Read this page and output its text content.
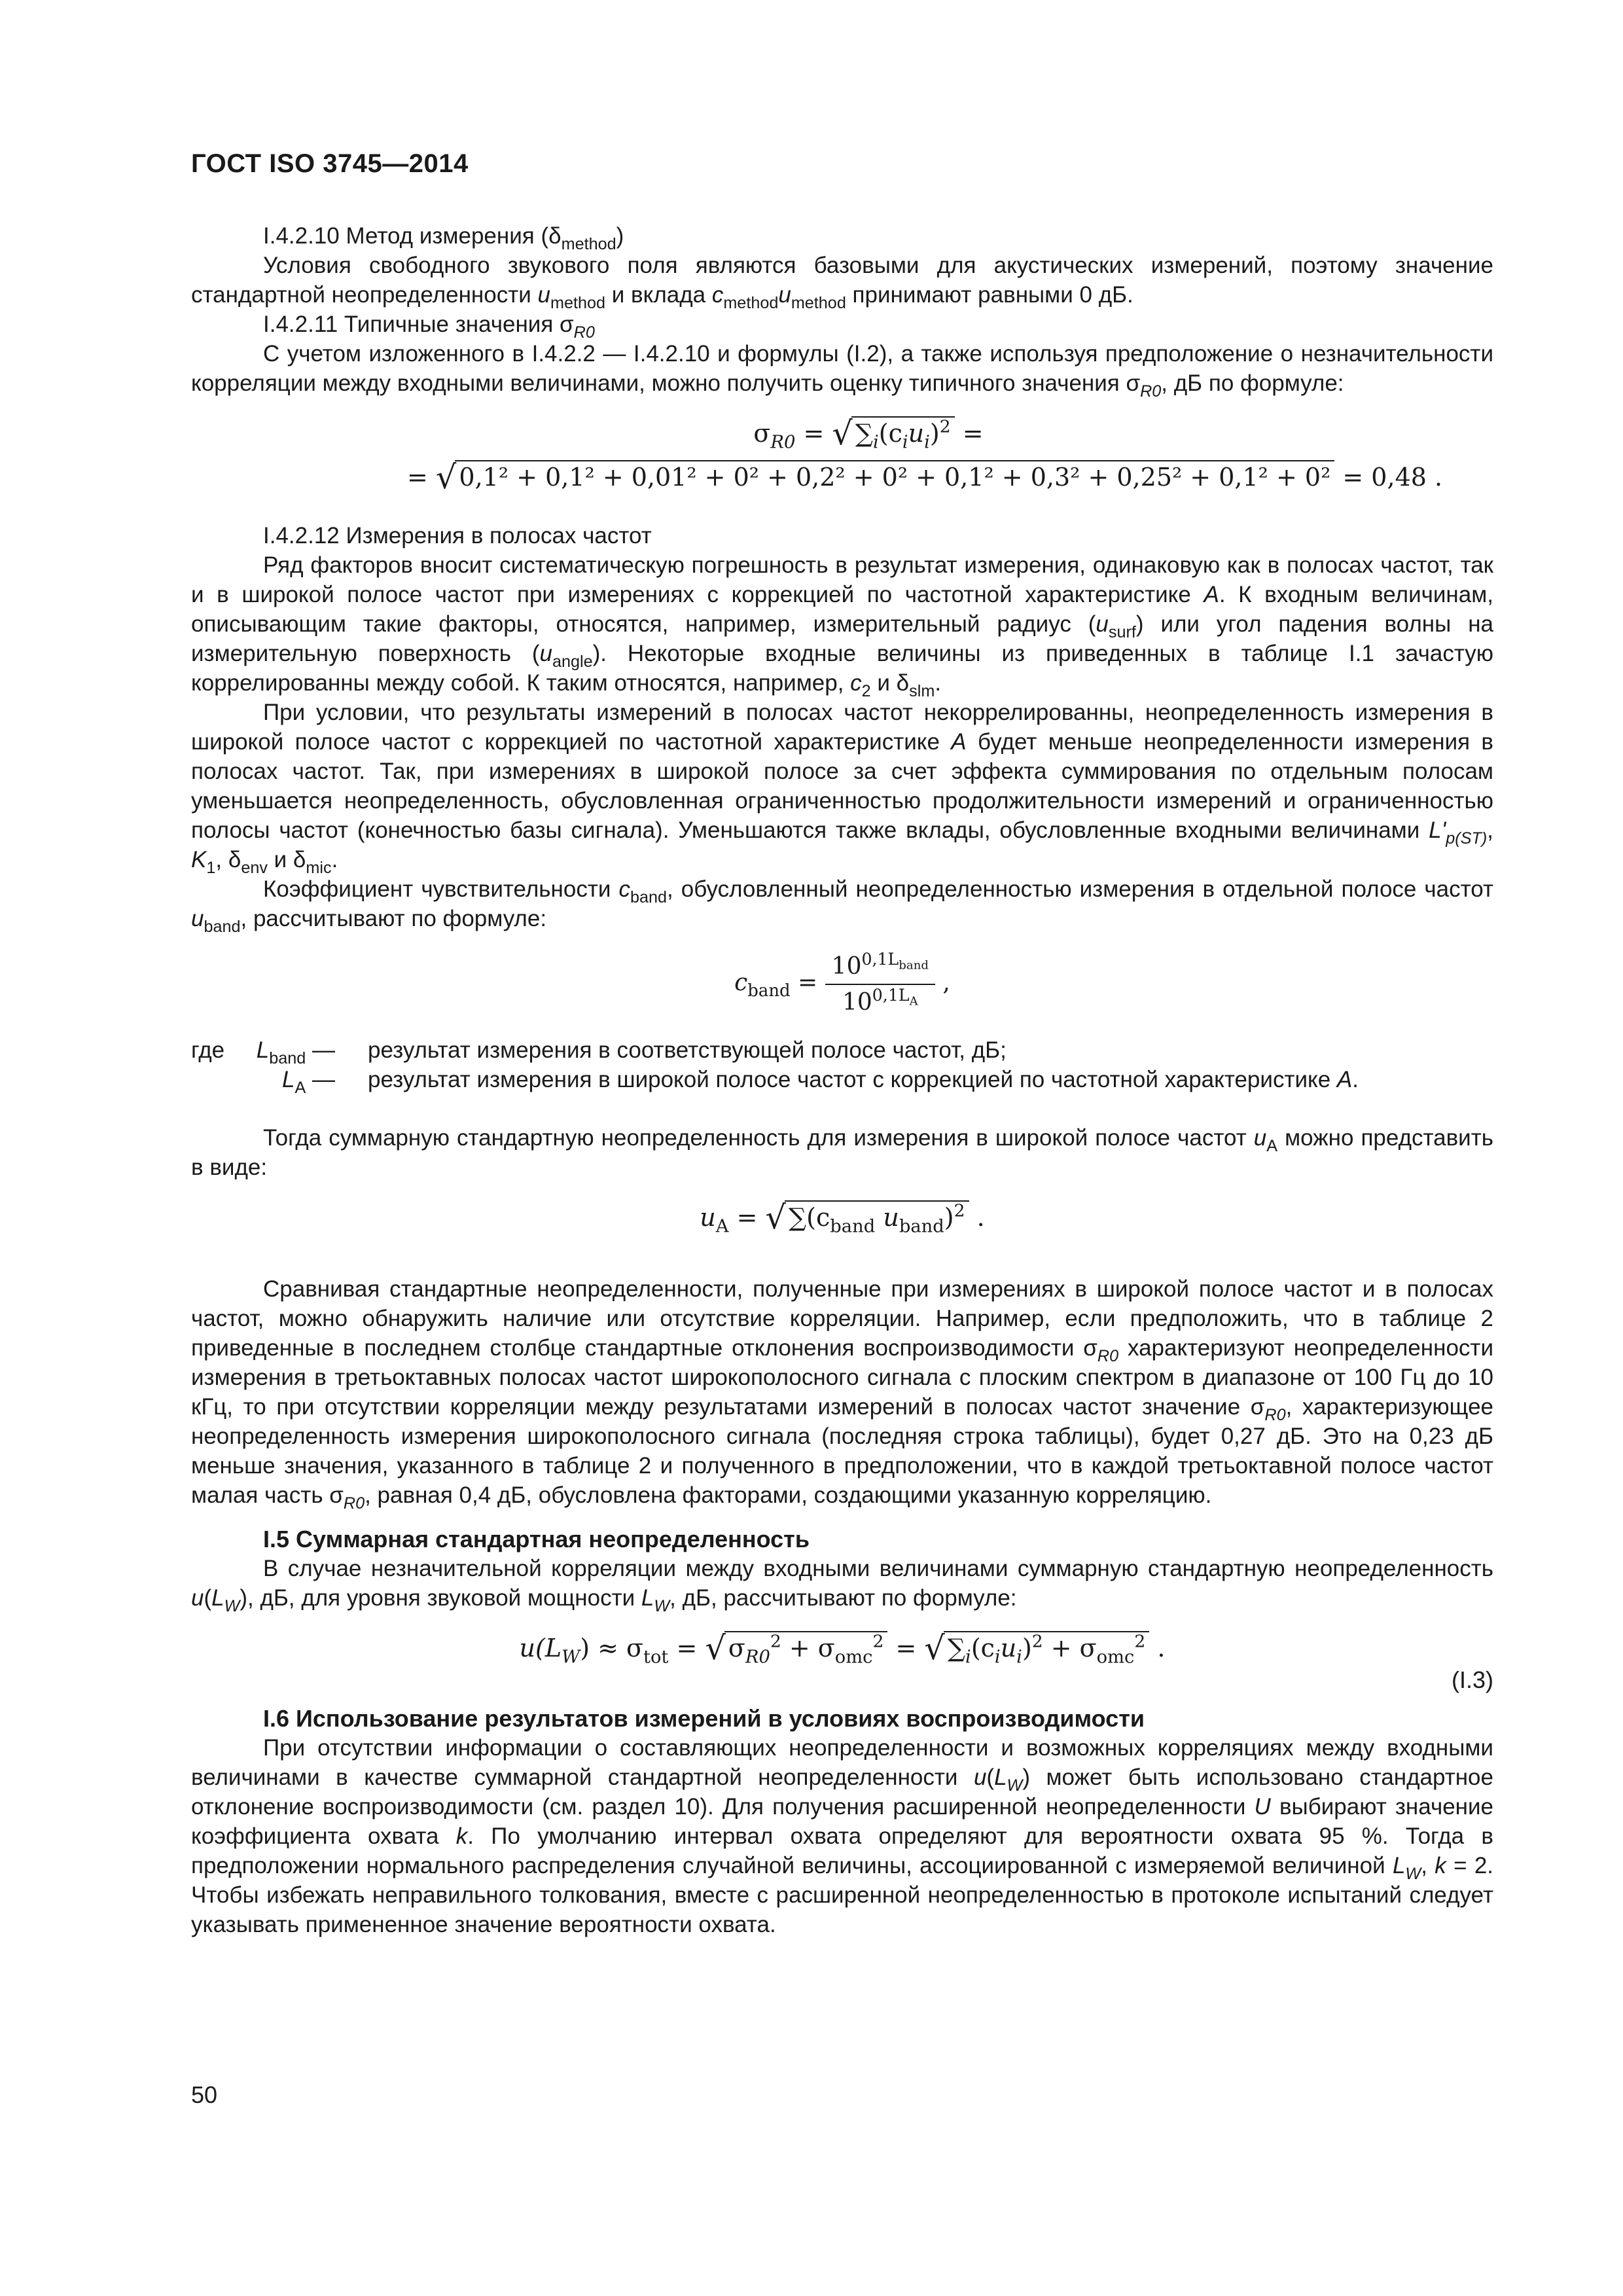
ГОСТ ISO 3745—2014

I.4.2.10 Метод измерения $(\delta_{method})$

Условия свободного звукового поля являются базовыми для акустических измерений, поэтому значение стандартной неопределенности $u_{method}$ и вклада $c_{method}u_{method}$ принимают равными 0 дБ.

I.4.2.11 Типичные значения $\sigma_{R0}$

С учетом изложенного в I.4.2.2 — I.4.2.10 и формулы (I.2), а также используя предположение о незначительности корреляции между входными величинами, можно получить оценку типичного значения $\sigma_{R0}$, дБ по формуле:

$\sigma_{R0}$ = √ $\sum_i(c_iu_i)^2$ =
= √ 0,1² + 0,1² + 0,01² + 0² + 0,2² + 0² + 0,1² + 0,3² + 0,25² + 0,1² + 0² = 0,48 .

I.4.2.12 Измерения в полосах частот

Ряд факторов вносит систематическую погрешность в результат измерения, одинаковую как в полосах частот, так и в широкой полосе частот при измерениях с коррекцией по частотной характеристике A. К входным величинам, описывающим такие факторы, относятся, например, измерительный радиус $(u_{surf})$ или угол падения волны на измерительную поверхность $(u_{angle})$. Некоторые входные величины из приведенных в таблице I.1 зачастую коррелированны между собой. К таким относятся, например, $c_2$ и $\delta_{slm}$.

При условии, что результаты измерений в полосах частот некоррелированны, неопределенность измерения в широкой полосе частот с коррекцией по частотной характеристике A будет меньше неопределенности измерения в полосах частот. Так, при измерениях в широкой полосе за счет эффекта суммирования по отдельным полосам уменьшается неопределенность, обусловленная ограниченностью продолжительности измерений и ограниченностью полосы частот (конечностью базы сигнала). Уменьшаются также вклады, обусловленные входными величинами $L'_{p(ST)}$, $K_1$, $\delta_{env}$ и $\delta_{mic}$.

Коэффициент чувствительности $c_{band}$, обусловленный неопределенностью измерения в отдельной полосе частот $u_{band}$, рассчитывают по формуле:

$c_{band} = \frac{10^{0,1L_{band}}}{10^{0,1L_A}}$ ,
где	$L_{band}$ —	результат измерения в соответствующей полосе частот, дБ;
$L_A$ —	результат измерения в широкой полосе частот с коррекцией по частотной характеристике A.

Тогда суммарную стандартную неопределенность для измерения в широкой полосе частот $u_A$ можно представить в виде:

$u_A$ = √ $\sum(c_{band}$ $u_{band})^2$ .

Сравнивая стандартные неопределенности, полученные при измерениях в широкой полосе частот и в полосах частот, можно обнаружить наличие или отсутствие корреляции. Например, если предположить, что в таблице 2 приведенные в последнем столбце стандартные отклонения воспроизводимости $\sigma_{R0}$ характеризуют неопределенности измерения в третьоктавных полосах частот широкополосного сигнала с плоским спектром в диапазоне от 100 Гц до 10 кГц, то при отсутствии корреляции между результатами измерений в полосах частот значение $\sigma_{R0}$, характеризующее неопределенность измерения широкополосного сигнала (последняя строка таблицы), будет 0,27 дБ. Это на 0,23 дБ меньше значения, указанного в таблице 2 и полученного в предположении, что в каждой третьоктавной полосе частот малая часть $\sigma_{R0}$, равная 0,4 дБ, обусловлена факторами, создающими указанную корреляцию.

I.5 Суммарная стандартная неопределенность

В случае незначительной корреляции между входными величинами суммарную стандартную неопределенность $u(L_W)$, дБ, для уровня звуковой мощности $L_W$, дБ, рассчитывают по формуле:

$u(L_W) \approx \sigma_{tot}$ = √ $\sigma_{R0}^2 + \sigma_{omc}^2$ = √ $\sum_i(c_iu_i)^2 + \sigma_{omc}^2$ .
(I.3)
I.6 Использование результатов измерений в условиях воспроизводимости

При отсутствии информации о составляющих неопределенности и возможных корреляциях между входными величинами в качестве суммарной стандартной неопределенности $u(L_W)$ может быть использовано стандартное отклонение воспроизводимости (см. раздел 10). Для получения расширенной неопределенности U выбирают значение коэффициента охвата k. По умолчанию интервал охвата определяют для вероятности охвата 95 %. Тогда в предположении нормального распределения случайной величины, ассоциированной с измеряемой величиной $L_W$, k = 2. Чтобы избежать неправильного толкования, вместе с расширенной неопределенностью в протоколе испытаний следует указывать примененное значение вероятности охвата.

50
